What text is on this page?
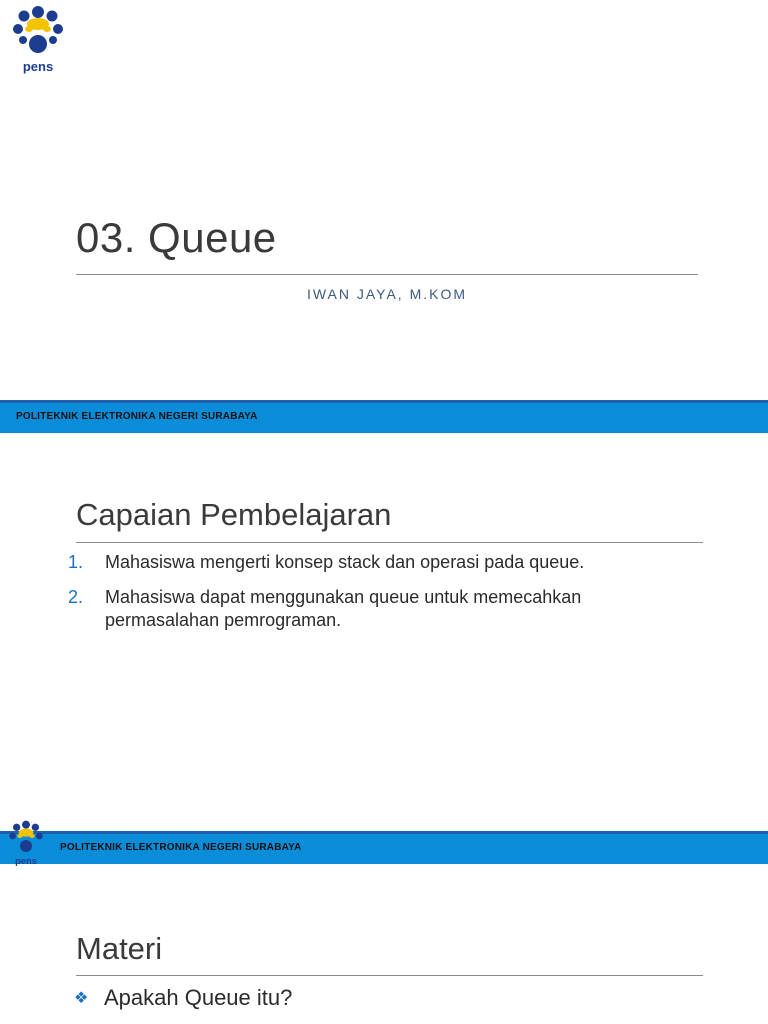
pens
03. Queue
IWAN JAYA, M.KOM
POLITEKNIK ELEKTRONIKA NEGERI SURABAYA
Capaian Pembelajaran
1. Mahasiswa mengerti konsep stack dan operasi pada queue.
2. Mahasiswa dapat menggunakan queue untuk memecahkan permasalahan pemrograman.
POLITEKNIK ELEKTRONIKA NEGERI SURABAYA
pens
Materi
❖ Apakah Queue itu?
